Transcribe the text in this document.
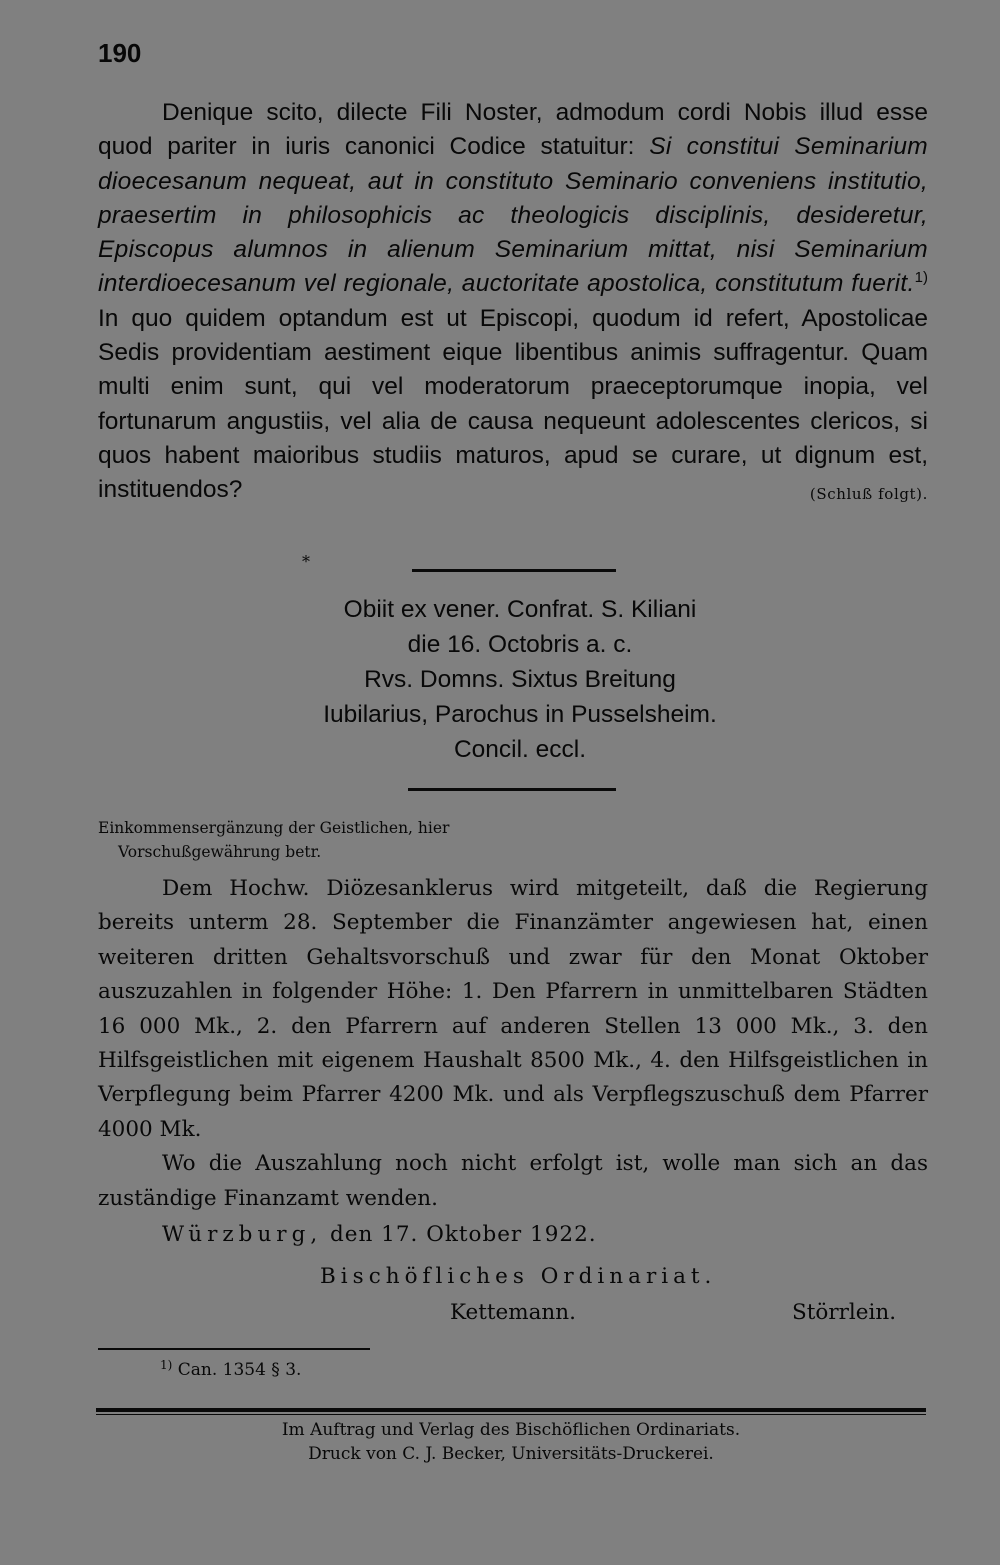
190

Denique scito, dilecte Fili Noster, admodum cordi Nobis illud esse quod pariter in iuris canonici Codice statuitur: Si constitui Seminarium dioecesanum nequeat, aut in constituto Seminario conveniens institutio, praesertim in philosophicis ac theologicis disciplinis, desideretur, Episcopus alumnos in alienum Seminarium mittat, nisi Seminarium interdioecesanum vel regionale, auctoritate apostolica, constitutum fuerit.$^{1)}$ In quo quidem optandum est ut Episcopi, quodum id refert, Apostolicae Sedis providentiam aestiment eique libentibus animis suffragentur. Quam multi enim sunt, qui vel moderatorum praeceptorumque inopia, vel fortunarum angustiis, vel alia de causa nequeunt adolescentes clericos, si quos habent maioribus studiis maturos, apud se curare, ut dignum est, instituendos?	(Schluß folgt).

*
Obiit ex vener. Confrat. S. Kiliani
die 16. Octobris a. c.
Rvs. Domns. Sixtus Breitung
Iubilarius, Parochus in Pusselsheim.
Concil. eccl.
Einkommensergänzung der Geistlichen, hier
Vorschußgewährung betr.

Dem Hochw. Diözesanklerus wird mitgeteilt, daß die Regierung bereits unterm 28. September die Finanzämter angewiesen hat, einen weiteren dritten Gehaltsvorschuß und zwar für den Monat Oktober auszuzahlen in folgender Höhe: 1. Den Pfarrern in unmittelbaren Städten 16 000 Mk., 2. den Pfarrern auf anderen Stellen 13 000 Mk., 3. den Hilfsgeistlichen mit eigenem Haushalt 8500 Mk., 4. den Hilfsgeistlichen in Verpflegung beim Pfarrer 4200 Mk. und als Verpflegszuschuß dem Pfarrer 4000 Mk.

Wo die Auszahlung noch nicht erfolgt ist, wolle man sich an das zuständige Finanzamt wenden.

Würzburg, den 17. Oktober 1922.
Bischöfliches Ordinariat.
Kettemann.	Störrlein.
$^{1)}$ Can. 1354 § 3.
Im Auftrag und Verlag des Bischöflichen Ordinariats.
Druck von C. J. Becker, Universitäts-Druckerei.
